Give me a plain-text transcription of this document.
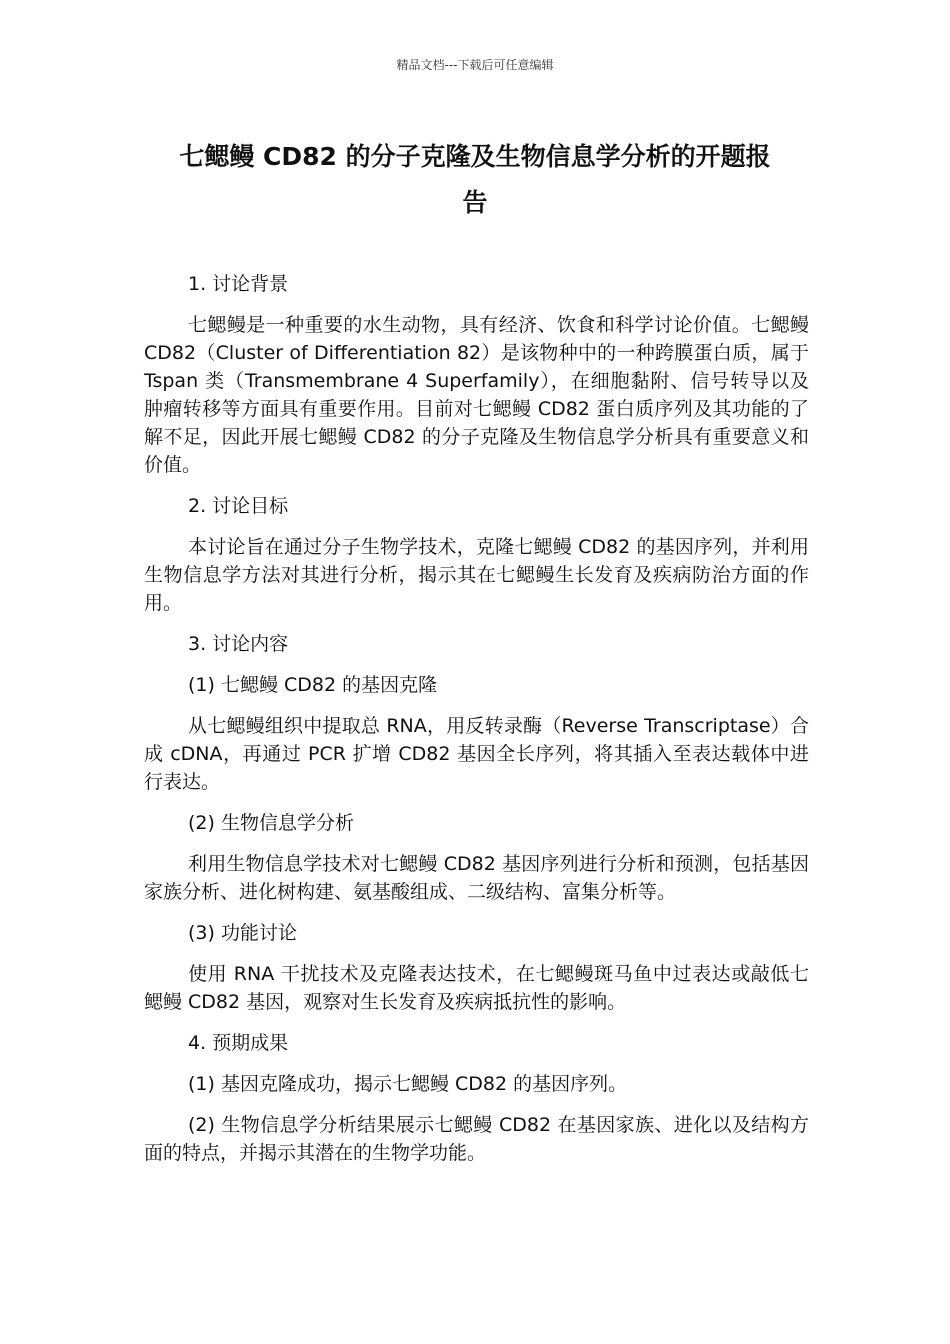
精品文档---下载后可任意编辑
七鳃鳗 CD82 的分子克隆及生物信息学分析的开题报
告

1. 讨论背景

七鳃鳗是一种重要的水生动物，具有经济、饮食和科学讨论价值。七鳃鳗 CD82（Cluster of Differentiation 82）是该物种中的一种跨膜蛋白质，属于 Tspan 类（Transmembrane 4 Superfamily），在细胞黏附、信号转导以及肿瘤转移等方面具有重要作用。目前对七鳃鳗 CD82 蛋白质序列及其功能的了解不足，因此开展七鳃鳗 CD82 的分子克隆及生物信息学分析具有重要意义和价值。

2. 讨论目标

本讨论旨在通过分子生物学技术，克隆七鳃鳗 CD82 的基因序列，并利用生物信息学方法对其进行分析，揭示其在七鳃鳗生长发育及疾病防治方面的作用。

3. 讨论内容

(1) 七鳃鳗 CD82 的基因克隆

从七鳃鳗组织中提取总 RNA，用反转录酶（Reverse Transcriptase）合成 cDNA，再通过 PCR 扩增 CD82 基因全长序列，将其插入至表达载体中进行表达。

(2) 生物信息学分析

利用生物信息学技术对七鳃鳗 CD82 基因序列进行分析和预测，包括基因家族分析、进化树构建、氨基酸组成、二级结构、富集分析等。

(3) 功能讨论

使用 RNA 干扰技术及克隆表达技术，在七鳃鳗斑马鱼中过表达或敲低七鳃鳗 CD82 基因，观察对生长发育及疾病抵抗性的影响。

4. 预期成果

(1) 基因克隆成功，揭示七鳃鳗 CD82 的基因序列。

(2) 生物信息学分析结果展示七鳃鳗 CD82 在基因家族、进化以及结构方面的特点，并揭示其潜在的生物学功能。
